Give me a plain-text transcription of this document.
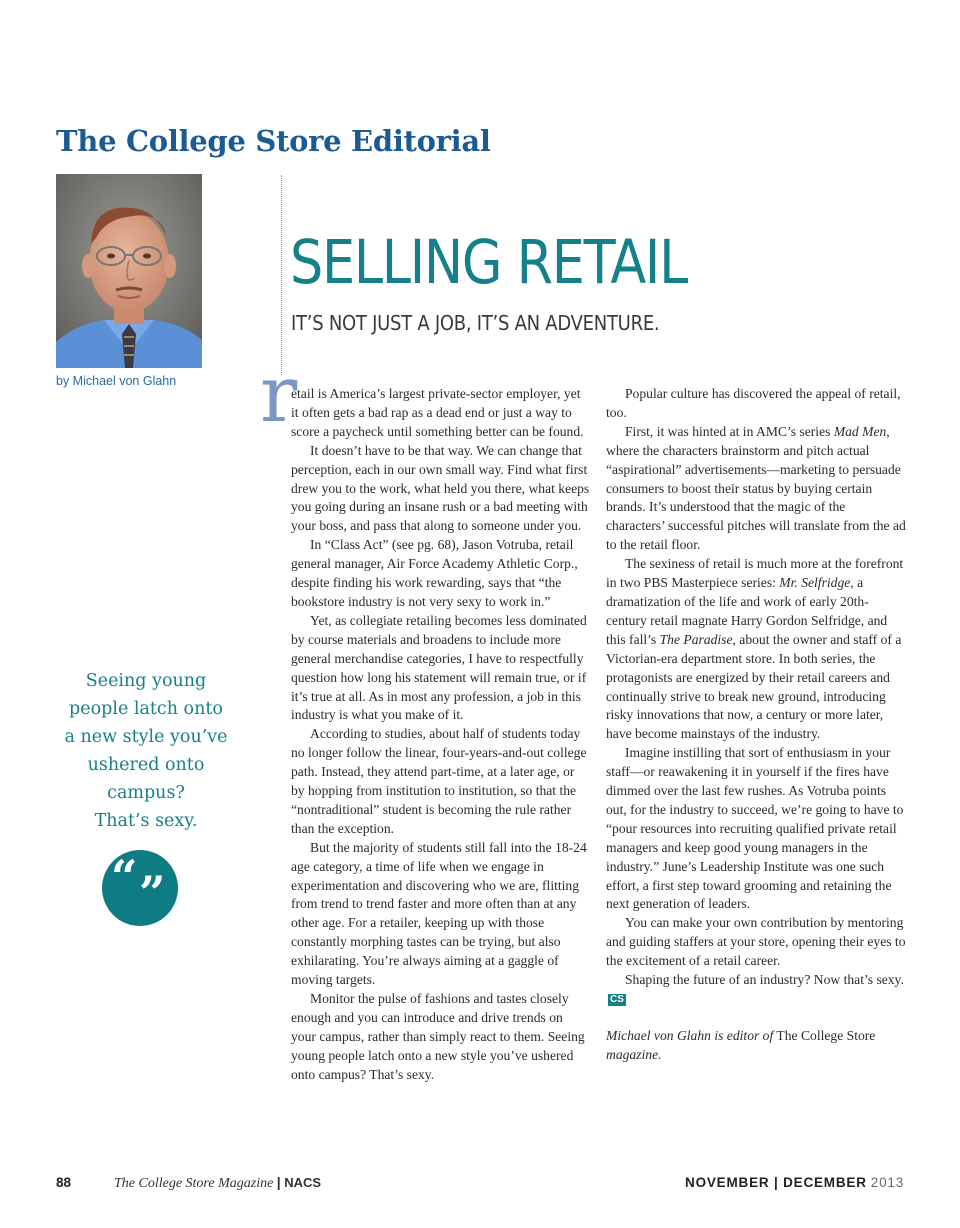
The College Store Editorial
by Michael von Glahn
SELLING RETAIL
IT’S NOT JUST A JOB, IT’S AN ADVENTURE.
r

etail is America’s largest private-sector employer, yet it often gets a bad rap as a dead end or just a way to score a paycheck until something better can be found.

It doesn’t have to be that way. We can change that perception, each in our own small way. Find what first drew you to the work, what held you there, what keeps you going during an insane rush or a bad meeting with your boss, and pass that along to someone under you.

In “Class Act” (see pg. 68), Jason Votruba, retail general manager, Air Force Academy Athletic Corp., despite finding his work rewarding, says that “the bookstore industry is not very sexy to work in.”

Yet, as collegiate retailing becomes less dominated by course materials and broadens to include more general merchandise categories, I have to respectfully question how long his statement will remain true, or if it’s true at all. As in most any profession, a job in this industry is what you make of it.

According to studies, about half of students today no longer follow the linear, four-years-and-out college path. Instead, they attend part-time, at a later age, or by hopping from institution to institution, so that the “nontraditional” student is becoming the rule rather than the exception.

But the majority of students still fall into the 18-24 age category, a time of life when we engage in experimentation and discovering who we are, flitting from trend to trend faster and more often than at any other age. For a retailer, keeping up with those constantly morphing tastes can be trying, but also exhilarating. You’re always aiming at a gaggle of moving targets.

Monitor the pulse of fashions and tastes closely enough and you can introduce and drive trends on your campus, rather than simply react to them. Seeing young people latch onto a new style you’ve ushered onto campus? That’s sexy.

Popular culture has discovered the appeal of retail, too.

First, it was hinted at in AMC’s series Mad Men, where the characters brainstorm and pitch actual “aspirational” advertisements—marketing to persuade consumers to boost their status by buying certain brands. It’s understood that the magic of the characters’ successful pitches will translate from the ad to the retail floor.

The sexiness of retail is much more at the forefront in two PBS Masterpiece series: Mr. Selfridge, a dramatization of the life and work of early 20th-century retail magnate Harry Gordon Selfridge, and this fall’s The Paradise, about the owner and staff of a Victorian-era department store. In both series, the protagonists are energized by their retail careers and continually strive to break new ground, introducing risky innovations that now, a century or more later, have become mainstays of the industry.

Imagine instilling that sort of enthusiasm in your staff—or reawakening it in yourself if the fires have dimmed over the last few rushes. As Votruba points out, for the industry to succeed, we’re going to have to “pour resources into recruiting qualified private retail managers and keep good young managers in the industry.” June’s Leadership Institute was one such effort, a first step toward grooming and retaining the next generation of leaders.

You can make your own contribution by mentoring and guiding staffers at your store, opening their eyes to the excitement of a retail career.

Shaping the future of an industry? Now that’s sexy. CS

Michael von Glahn is editor of The College Store magazine.

Seeing young
people latch onto
a new style you’ve
ushered onto
campus?
That’s sexy.
“ ”
88	The College Store Magazine | NACS	NOVEMBER | DECEMBER 2013
